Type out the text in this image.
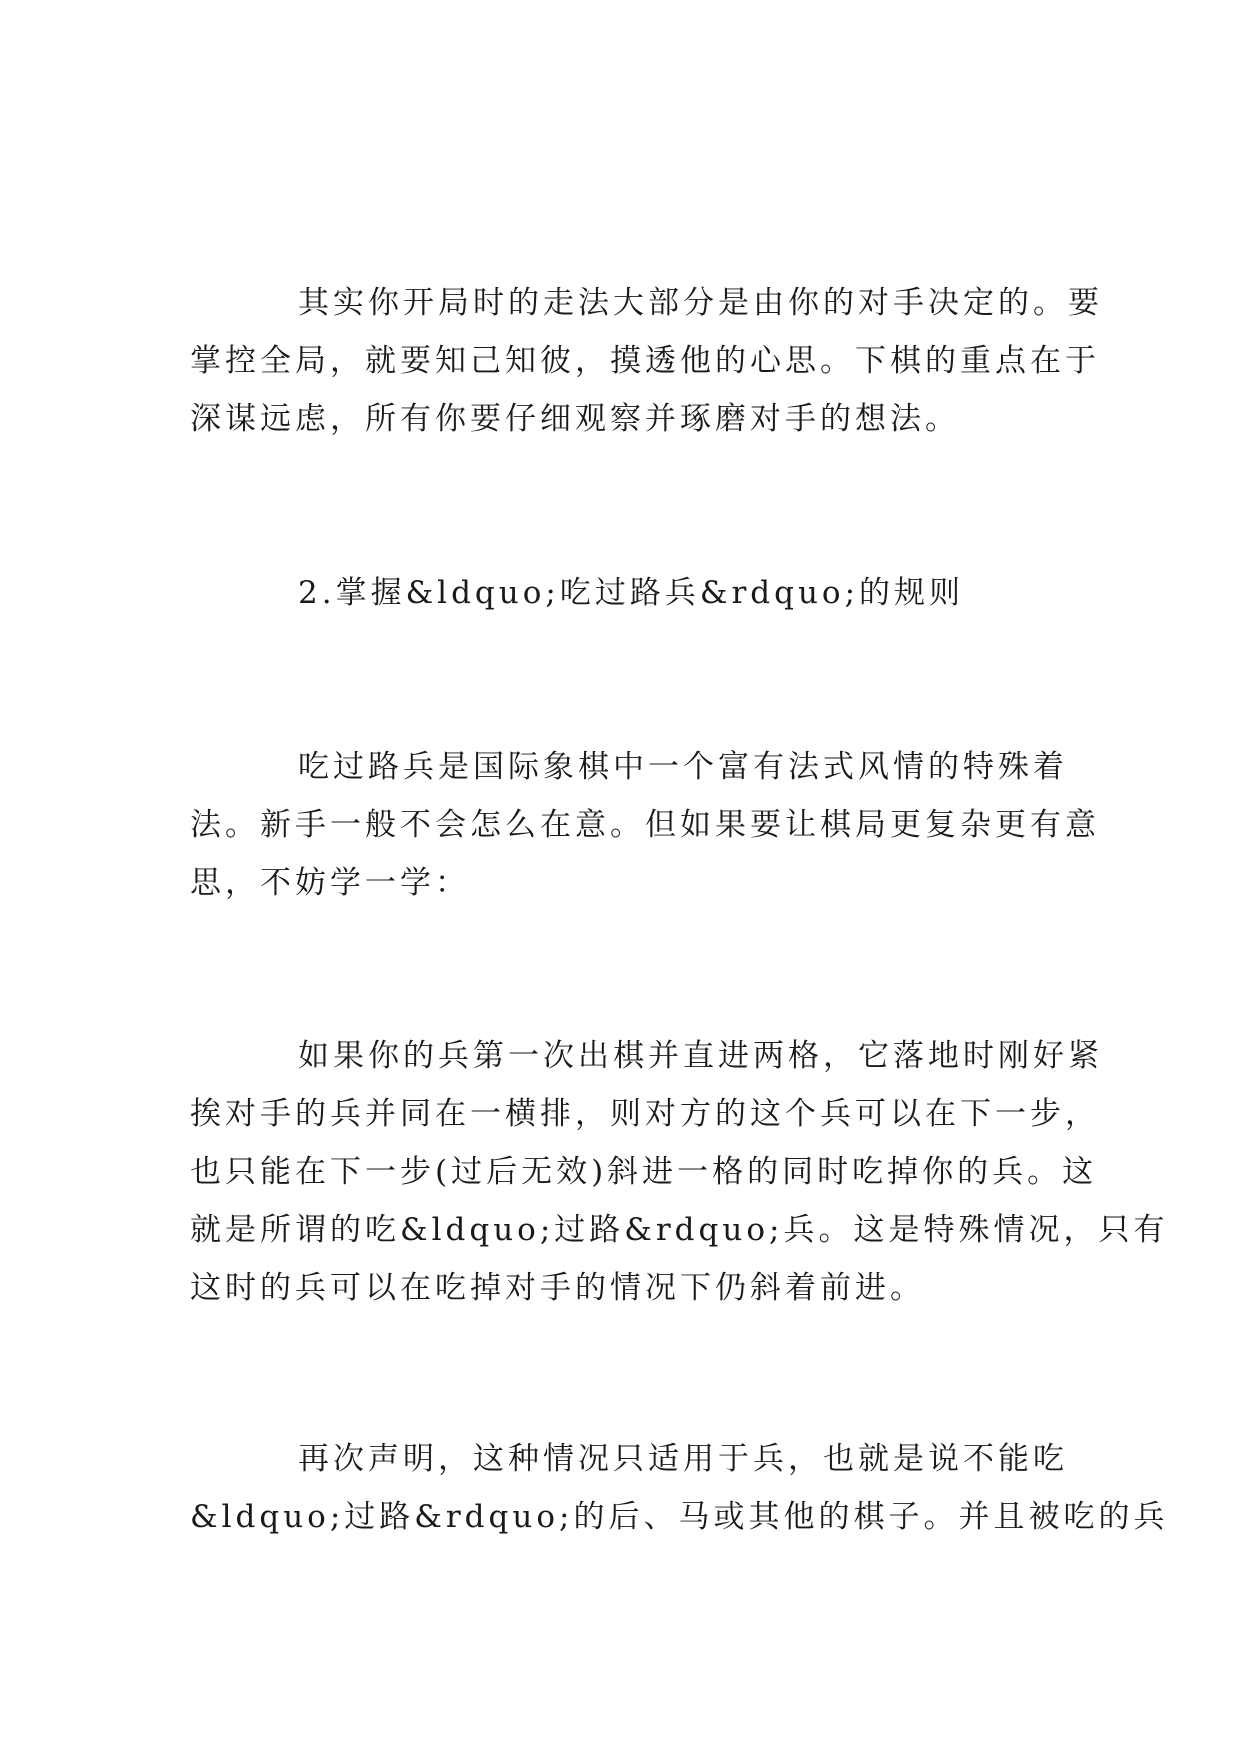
其实你开局时的走法大部分是由你的对手决定的。要
掌控全局，就要知己知彼，摸透他的心思。下棋的重点在于
深谋远虑，所有你要仔细观察并琢磨对手的想法。

2.掌握&ldquo;吃过路兵&rdquo;的规则

吃过路兵是国际象棋中一个富有法式风情的特殊着
法。新手一般不会怎么在意。但如果要让棋局更复杂更有意
思，不妨学一学：

如果你的兵第一次出棋并直进两格，它落地时刚好紧
挨对手的兵并同在一横排，则对方的这个兵可以在下一步，
也只能在下一步(过后无效)斜进一格的同时吃掉你的兵。这
就是所谓的吃&ldquo;过路&rdquo;兵。这是特殊情况，只有
这时的兵可以在吃掉对手的情况下仍斜着前进。

再次声明，这种情况只适用于兵，也就是说不能吃
&ldquo;过路&rdquo;的后、马或其他的棋子。并且被吃的兵
